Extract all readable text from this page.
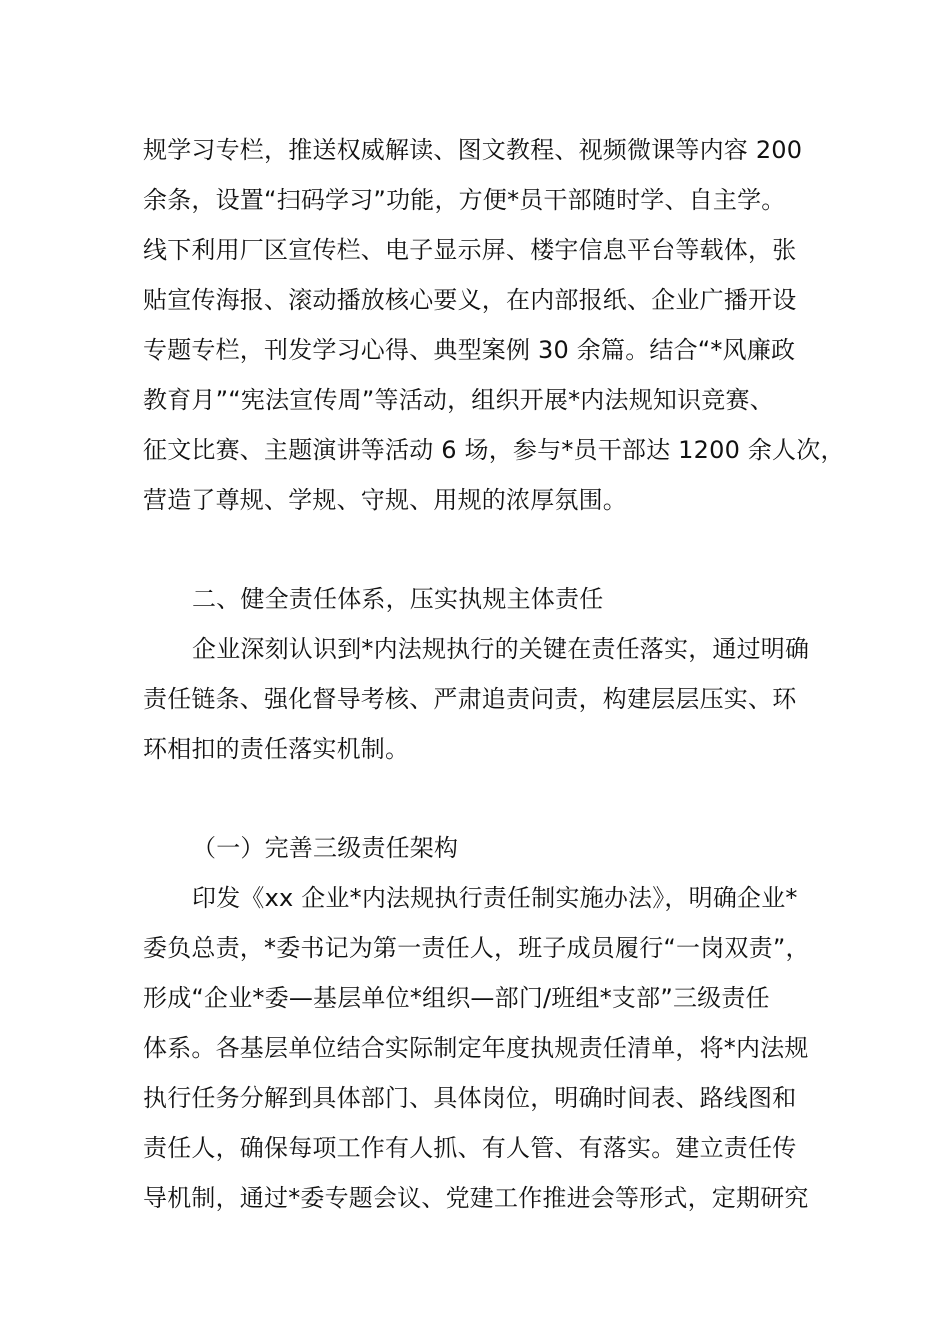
规学习专栏，推送权威解读、图文教程、视频微课等内容 200
余条，设置“扫码学习”功能，方便*员干部随时学、自主学。
线下利用厂区宣传栏、电子显示屏、楼宇信息平台等载体，张
贴宣传海报、滚动播放核心要义，在内部报纸、企业广播开设
专题专栏，刊发学习心得、典型案例 30 余篇。结合“*风廉政
教育月”“宪法宣传周”等活动，组织开展*内法规知识竞赛、
征文比赛、主题演讲等活动 6 场，参与*员干部达 1200 余人次，
营造了尊规、学规、守规、用规的浓厚氛围。
二、健全责任体系，压实执规主体责任
企业深刻认识到*内法规执行的关键在责任落实，通过明确
责任链条、强化督导考核、严肃追责问责，构建层层压实、环
环相扣的责任落实机制。
（一）完善三级责任架构
印发《xx 企业*内法规执行责任制实施办法》，明确企业*
委负总责，*委书记为第一责任人，班子成员履行“一岗双责”，
形成“企业*委—基层单位*组织—部门/班组*支部”三级责任
体系。各基层单位结合实际制定年度执规责任清单，将*内法规
执行任务分解到具体部门、具体岗位，明确时间表、路线图和
责任人，确保每项工作有人抓、有人管、有落实。建立责任传
导机制，通过*委专题会议、党建工作推进会等形式，定期研究
